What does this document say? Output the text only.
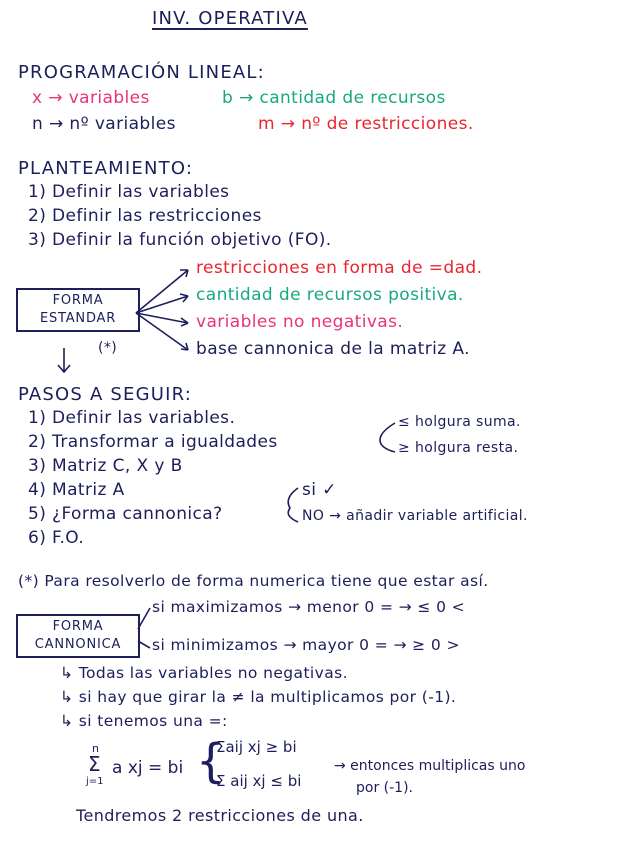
INV. OPERATIVA
PROGRAMACIÓN LINEAL:
x → variables	b → cantidad de recursos
n → nº variables	m → nº de restricciones.
PLANTEAMIENTO:
1) Definir las variables
2) Definir las restricciones
3) Definir la función objetivo (FO).
FORMA
ESTANDAR
(*)
restricciones en forma de =dad.
cantidad de recursos positiva.
variables no negativas.
base cannonica de la matriz A.
PASOS A SEGUIR:
1) Definir las variables.
2) Transformar a igualdades
3) Matriz C, X y B
4) Matriz A
5) ¿Forma cannonica?
6) F.O.
≤ holgura suma.
≥ holgura resta.
si ✓
NO → añadir variable artificial.
(*) Para resolverlo de forma numerica tiene que estar así.
FORMA
CANNONICA
si maximizamos → menor 0 = → ≤ 0 <
si minimizamos → mayor 0 = → ≥ 0 >
↳ Todas las variables no negativas.
↳ si hay que girar la ≠ la multiplicamos por (-1).
↳ si tenemos una =:
n
Σ
j=1
a xj = bi {
Σaij xj ≥ bi
Σ aij xj ≤ bi
→ entonces multiplicas uno
por (-1).
Tendremos 2 restricciones de una.
